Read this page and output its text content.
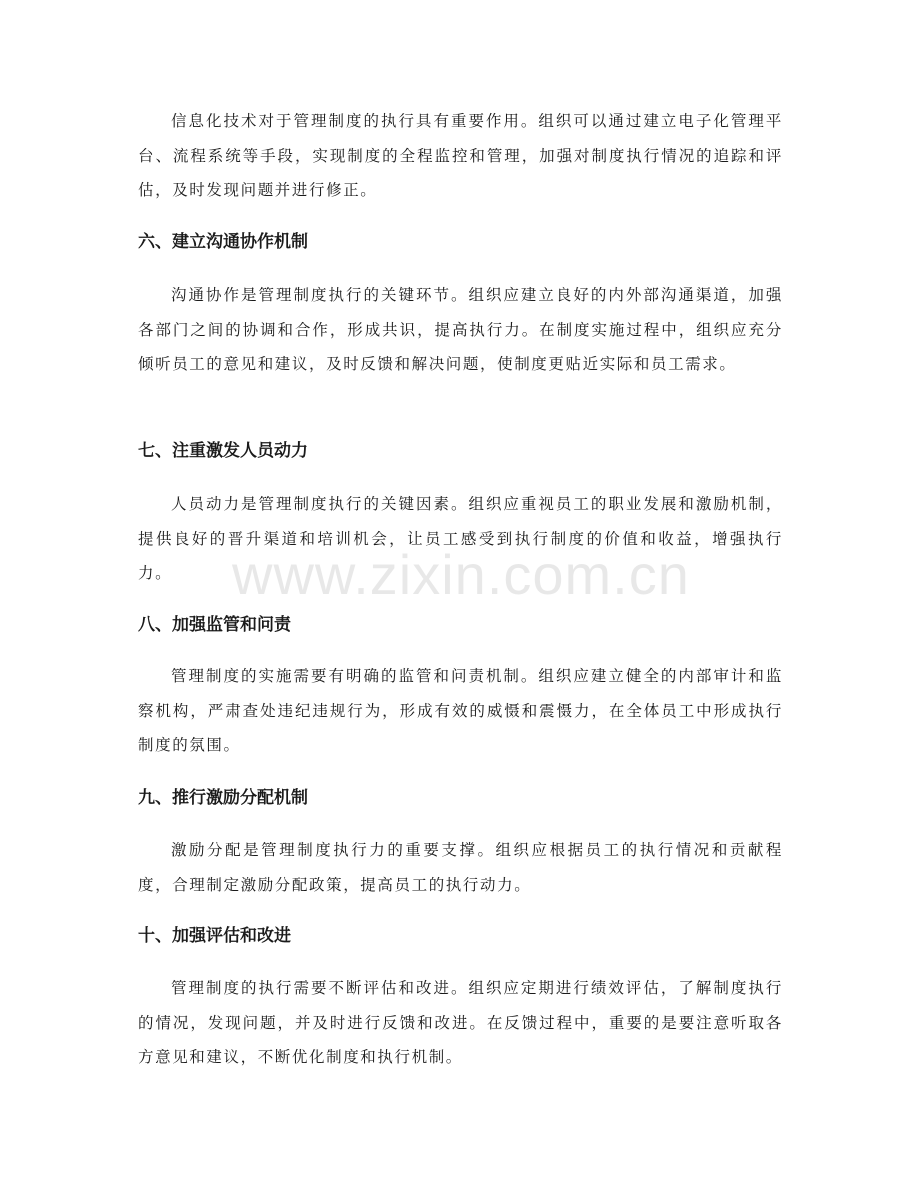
信息化技术对于管理制度的执行具有重要作用。组织可以通过建立电子化管理平台、流程系统等手段，实现制度的全程监控和管理，加强对制度执行情况的追踪和评估，及时发现问题并进行修正。

六、建立沟通协作机制

沟通协作是管理制度执行的关键环节。组织应建立良好的内外部沟通渠道，加强各部门之间的协调和合作，形成共识，提高执行力。在制度实施过程中，组织应充分倾听员工的意见和建议，及时反馈和解决问题，使制度更贴近实际和员工需求。

七、注重激发人员动力

人员动力是管理制度执行的关键因素。组织应重视员工的职业发展和激励机制，提供良好的晋升渠道和培训机会，让员工感受到执行制度的价值和收益，增强执行力。

八、加强监管和问责

管理制度的实施需要有明确的监管和问责机制。组织应建立健全的内部审计和监察机构，严肃查处违纪违规行为，形成有效的威慑和震慑力，在全体员工中形成执行制度的氛围。

九、推行激励分配机制

激励分配是管理制度执行力的重要支撑。组织应根据员工的执行情况和贡献程度，合理制定激励分配政策，提高员工的执行动力。

十、加强评估和改进

管理制度的执行需要不断评估和改进。组织应定期进行绩效评估，了解制度执行的情况，发现问题，并及时进行反馈和改进。在反馈过程中，重要的是要注意听取各方意见和建议，不断优化制度和执行机制。

www.zixin.com.cn
